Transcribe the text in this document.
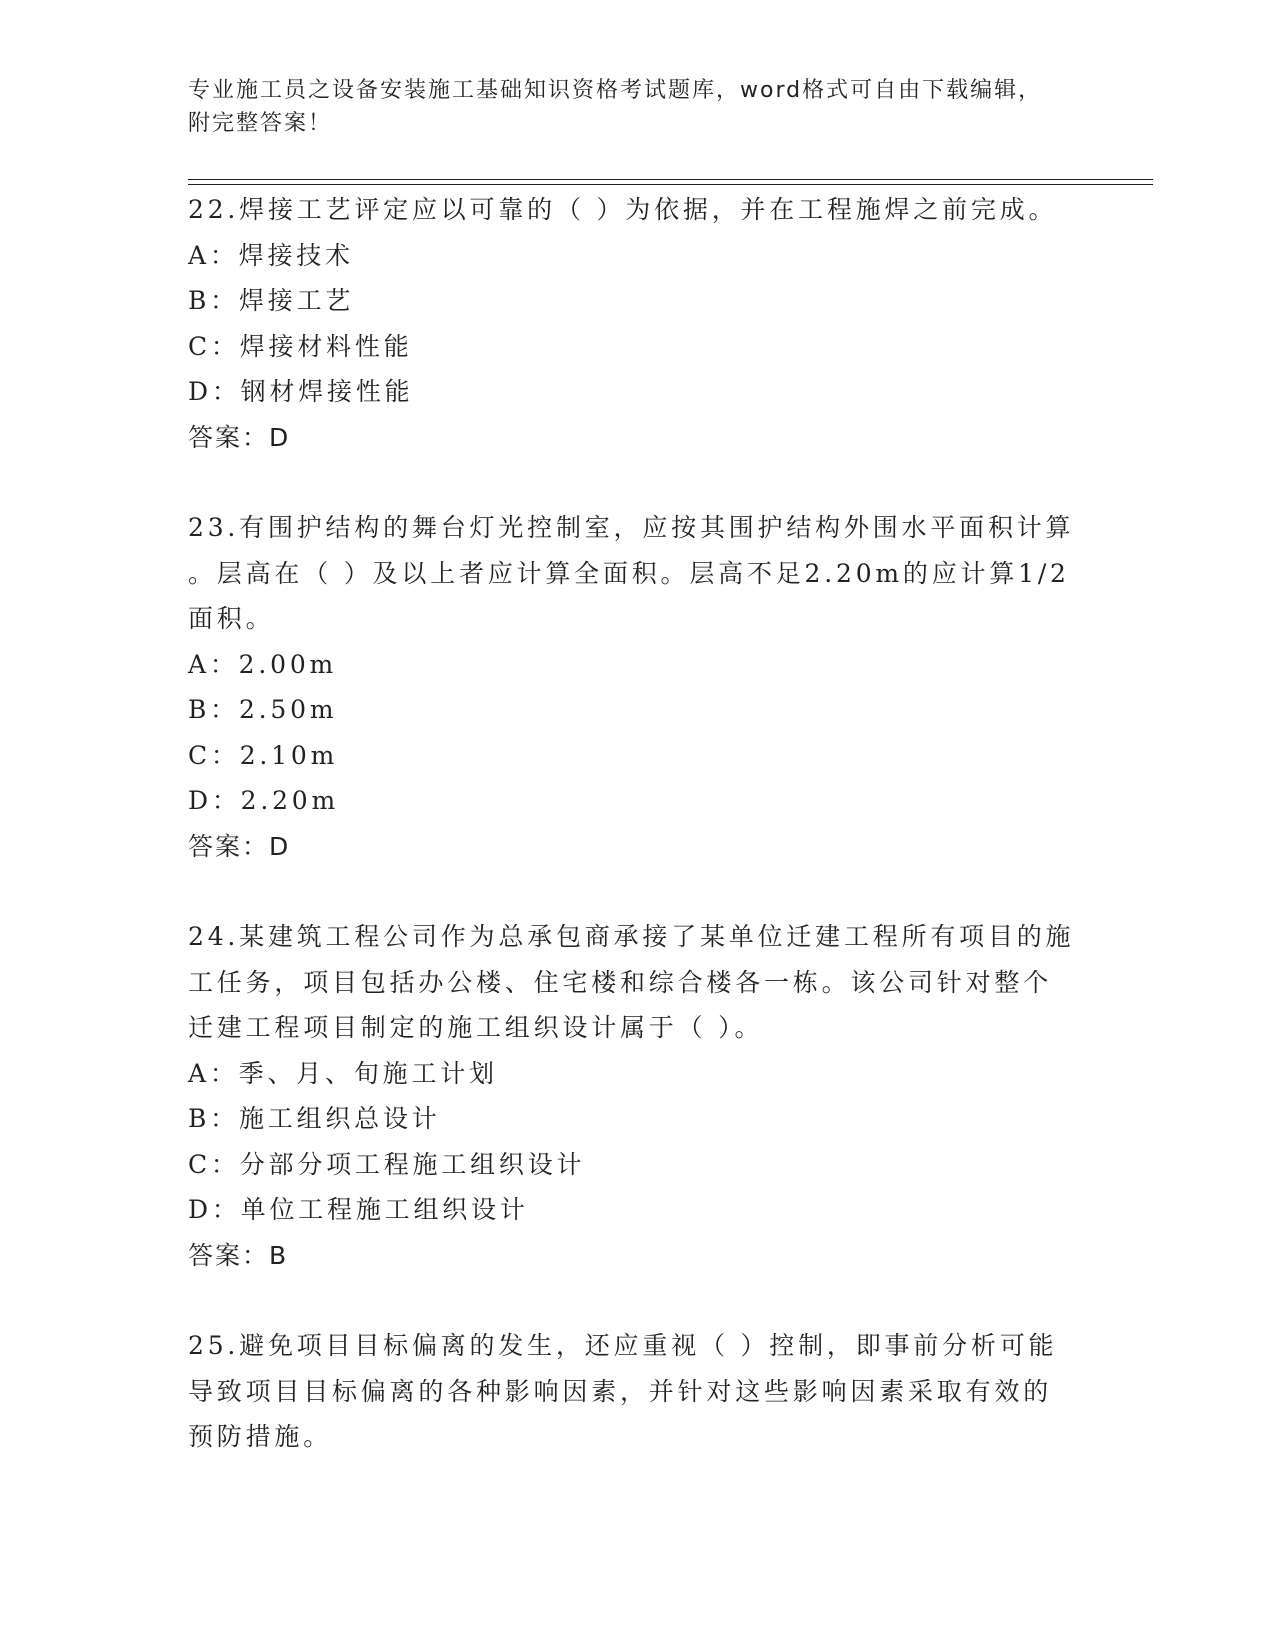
专业施工员之设备安装施工基础知识资格考试题库，word格式可自由下载编辑，
附完整答案！
22.焊接工艺评定应以可靠的（ ）为依据，并在工程施焊之前完成。
A：焊接技术
B：焊接工艺
C：焊接材料性能
D：钢材焊接性能
答案：D
23.有围护结构的舞台灯光控制室，应按其围护结构外围水平面积计算
。层高在（ ）及以上者应计算全面积。层高不足2.20m的应计算1/2
面积。
A：2.00m
B：2.50m
C：2.10m
D：2.20m
答案：D
24.某建筑工程公司作为总承包商承接了某单位迁建工程所有项目的施
工任务，项目包括办公楼、住宅楼和综合楼各一栋。该公司针对整个
迁建工程项目制定的施工组织设计属于（ ）。
A：季、月、旬施工计划
B：施工组织总设计
C：分部分项工程施工组织设计
D：单位工程施工组织设计
答案：B
25.避免项目目标偏离的发生，还应重视（ ）控制，即事前分析可能
导致项目目标偏离的各种影响因素，并针对这些影响因素采取有效的
预防措施。
